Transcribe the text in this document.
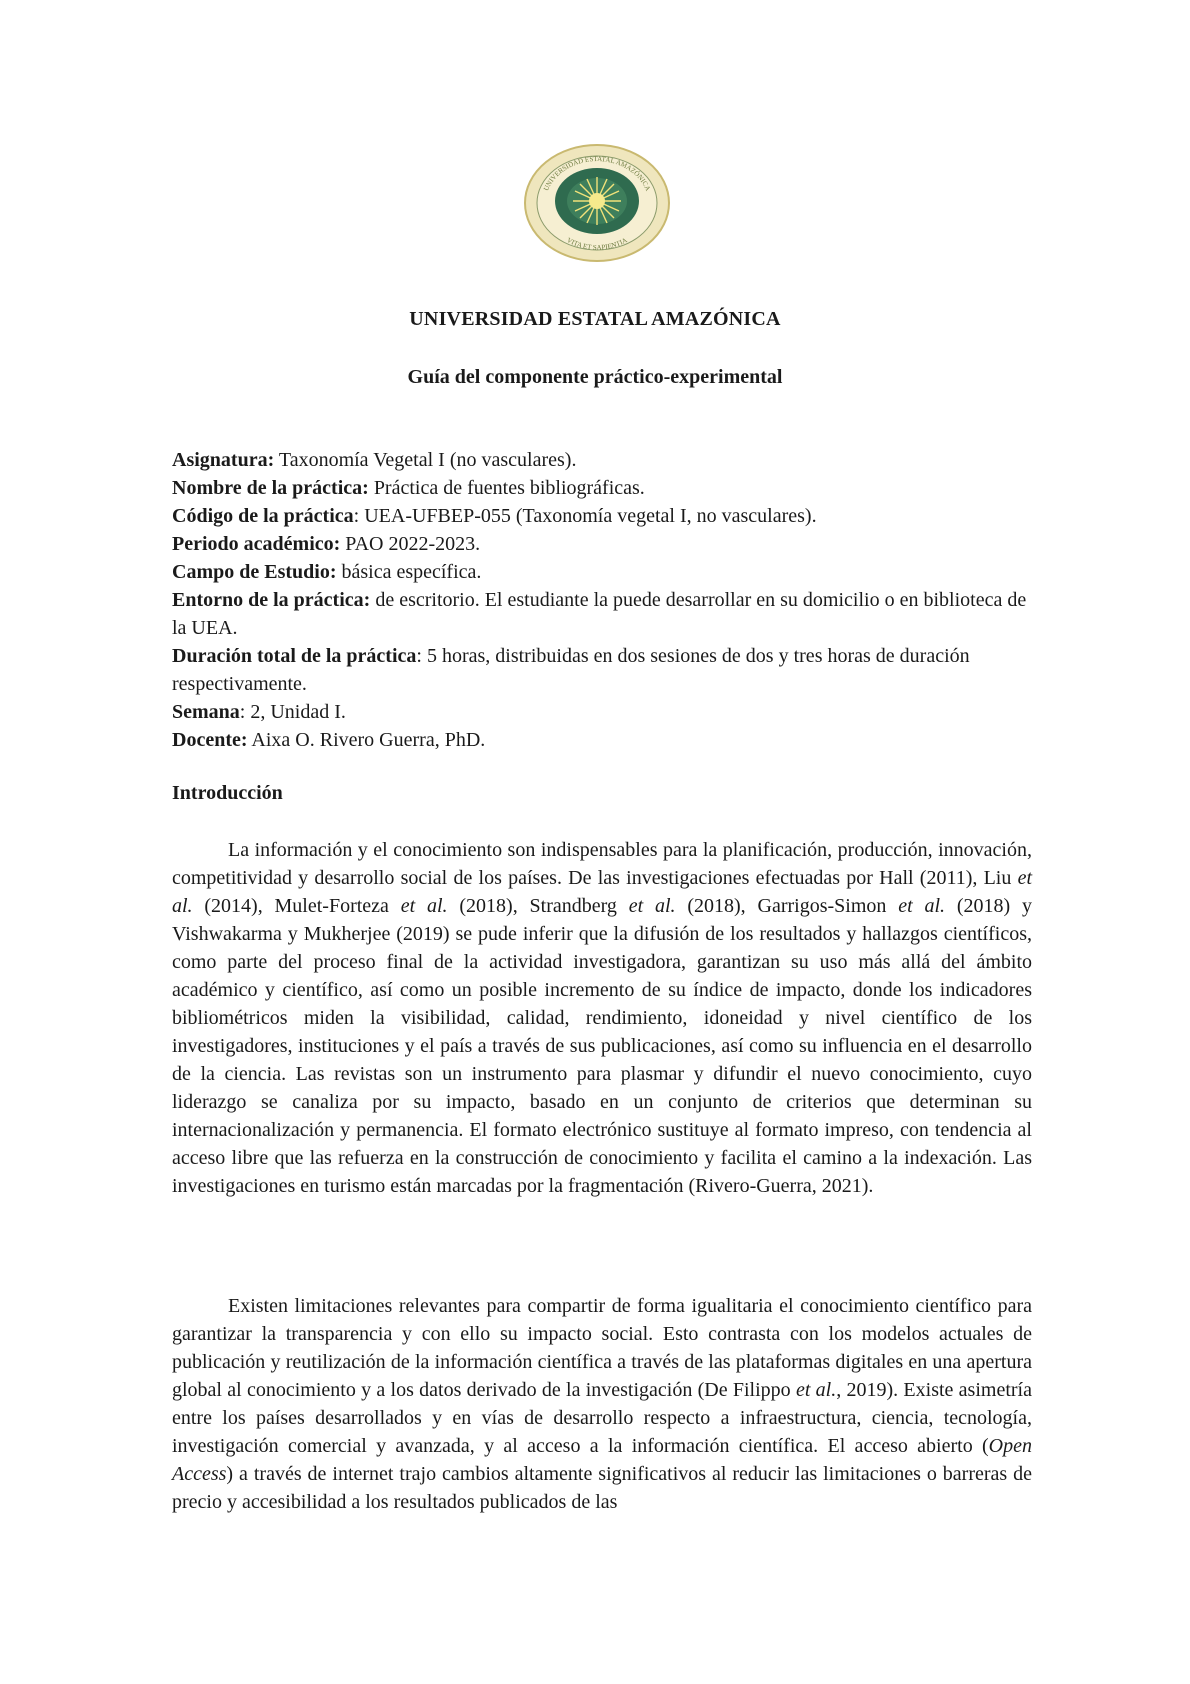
UNIVERSIDAD ESTATAL AMAZÓNICA
VITA ET SAPIENTIA
UNIVERSIDAD ESTATAL AMAZÓNICA
Guía del componente práctico-experimental

Asignatura: Taxonomía Vegetal I (no vasculares).

Nombre de la práctica: Práctica de fuentes bibliográficas.

Código de la práctica: UEA-UFBEP-055 (Taxonomía vegetal I, no vasculares).

Periodo académico: PAO 2022-2023.

Campo de Estudio: básica específica.

Entorno de la práctica: de escritorio. El estudiante la puede desarrollar en su domicilio o en biblioteca de la UEA.

Duración total de la práctica: 5 horas, distribuidas en dos sesiones de dos y tres horas de duración respectivamente.

Semana: 2, Unidad I.

Docente: Aixa O. Rivero Guerra, PhD.

Introducción

La información y el conocimiento son indispensables para la planificación, producción, innovación, competitividad y desarrollo social de los países. De las investigaciones efectuadas por Hall (2011), Liu et al. (2014), Mulet-Forteza et al. (2018), Strandberg et al. (2018), Garrigos-Simon et al. (2018) y Vishwakarma y Mukherjee (2019) se pude inferir que la difusión de los resultados y hallazgos científicos, como parte del proceso final de la actividad investigadora, garantizan su uso más allá del ámbito académico y científico, así como un posible incremento de su índice de impacto, donde los indicadores bibliométricos miden la visibilidad, calidad, rendimiento, idoneidad y nivel científico de los investigadores, instituciones y el país a través de sus publicaciones, así como su influencia en el desarrollo de la ciencia. Las revistas son un instrumento para plasmar y difundir el nuevo conocimiento, cuyo liderazgo se canaliza por su impacto, basado en un conjunto de criterios que determinan su internacionalización y permanencia. El formato electrónico sustituye al formato impreso, con tendencia al acceso libre que las refuerza en la construcción de conocimiento y facilita el camino a la indexación. Las investigaciones en turismo están marcadas por la fragmentación (Rivero-Guerra, 2021).

Existen limitaciones relevantes para compartir de forma igualitaria el conocimiento científico para garantizar la transparencia y con ello su impacto social. Esto contrasta con los modelos actuales de publicación y reutilización de la información científica a través de las plataformas digitales en una apertura global al conocimiento y a los datos derivado de la investigación (De Filippo et al., 2019). Existe asimetría entre los países desarrollados y en vías de desarrollo respecto a infraestructura, ciencia, tecnología, investigación comercial y avanzada, y al acceso a la información científica. El acceso abierto (Open Access) a través de internet trajo cambios altamente significativos al reducir las limitaciones o barreras de precio y accesibilidad a los resultados publicados de las
